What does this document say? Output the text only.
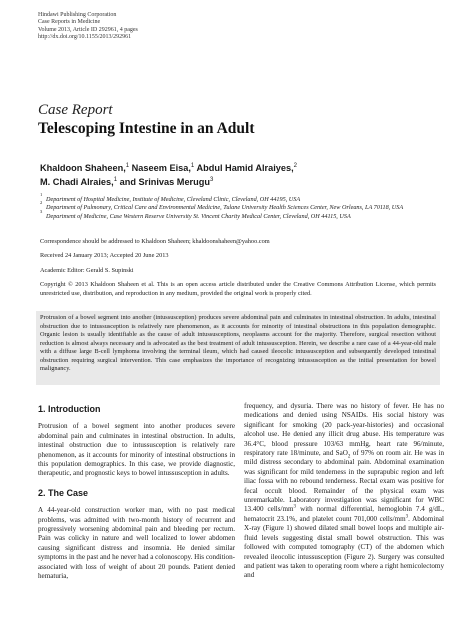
Hindawi Publishing Corporation
Case Reports in Medicine
Volume 2013, Article ID 292961, 4 pages
http://dx.doi.org/10.1155/2013/292961
Case Report
Telescoping Intestine in an Adult
Khaldoon Shaheen,$^1$ Naseem Eisa,$^1$ Abdul Hamid Alraiyes,$^2$
M. Chadi Alraies,$^1$ and Srinivas Merugu$^3$
1
Department of Hospital Medicine, Institute of Medicine, Cleveland Clinic, Cleveland, OH 44195, USA
2
Department of Pulmonary, Critical Care and Environmental Medicine, Tulane University Health Sciences Center, New Orleans, LA 70118, USA
3
Department of Medicine, Case Western Reserve University St. Vincent Charity Medical Center, Cleveland, OH 44115, USA
Correspondence should be addressed to Khaldoon Shaheen; khaldoonshaheen@yahoo.com
Received 24 January 2013; Accepted 20 June 2013
Academic Editor: Gerald S. Supinski
Copyright © 2013 Khaldoon Shaheen et al. This is an open access article distributed under the Creative Commons Attribution License, which permits unrestricted use, distribution, and reproduction in any medium, provided the original work is properly cited.
Protrusion of a bowel segment into another (intussusception) produces severe abdominal pain and culminates in intestinal obstruction. In adults, intestinal obstruction due to intussusception is relatively rare phenomenon, as it accounts for minority of intestinal obstructions in this population demographic. Organic lesion is usually identifiable as the cause of adult intussusceptions, neoplasms account for the majority. Therefore, surgical resection without reduction is almost always necessary and is advocated as the best treatment of adult intussusception. Herein, we describe a rare case of a 44-year-old male with a diffuse large B-cell lymphoma involving the terminal ileum, which had caused ileocolic intussusception and subsequently developed intestinal obstruction requiring surgical intervention. This case emphasizes the importance of recognizing intussusception as the initial presentation for bowel malignancy.
1. Introduction

Protrusion of a bowel segment into another produces severe abdominal pain and culminates in intestinal obstruction. In adults, intestinal obstruction due to intussusception is relatively rare phenomenon, as it accounts for minority of intestinal obstructions in this population demographics. In this case, we provide diagnostic, therapeutic, and prognostic keys to bowel intussusception in adults.

2. The Case

A 44-year-old construction worker man, with no past medical problems, was admitted with two-month history of recurrent and progressively worsening abdominal pain and bleeding per rectum. Pain was colicky in nature and well localized to lower abdomen causing significant distress and insomnia. He denied similar symptoms in the past and he never had a colonoscopy. His condition-associated with loss of weight of about 20 pounds. Patient denied hematuria,

frequency, and dysuria. There was no history of fever. He has no medications and denied using NSAIDs. His social history was significant for smoking (20 pack-year-histories) and occasional alcohol use. He denied any illicit drug abuse. His temperature was 36.4°C, blood pressure 103/63 mmHg, heart rate 96/minute, respiratory rate 18/minute, and SaO$_2$ of 97% on room air. He was in mild distress secondary to abdominal pain. Abdominal examination was significant for mild tenderness in the suprapubic region and left iliac fossa with no rebound tenderness. Rectal exam was positive for fecal occult blood. Remainder of the physical exam was unremarkable. Laboratory investigation was significant for WBC 13.400 cells/$mm^3$ with normal differential, hemoglobin 7.4 g/dL, hematocrit 23.1%, and platelet count 701,000 cells/$mm^3$. Abdominal X-ray (Figure 1) showed dilated small bowel loops and multiple air-fluid levels suggesting distal small bowel obstruction. This was followed with computed tomography (CT) of the abdomen which revealed ileocolic intussusception (Figure 2). Surgery was consulted and patient was taken to operating room where a right hemicolectomy and
